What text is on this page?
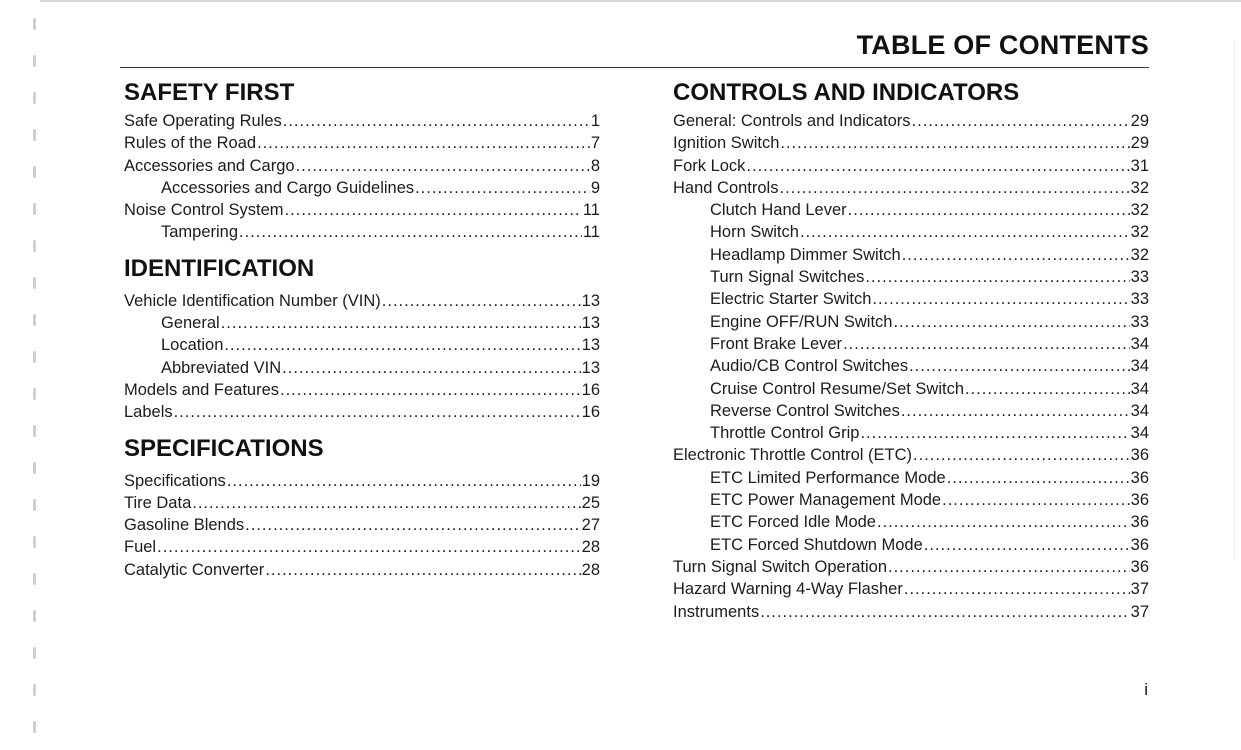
TABLE OF CONTENTS
SAFETY FIRST
Safe Operating Rules .....	1
Rules of the Road .....	7
Accessories and Cargo .....	8
Accessories and Cargo Guidelines .....	9
Noise Control System .....	11
Tampering .....	11
IDENTIFICATION
Vehicle Identification Number (VIN) .....	13
General .....	13
Location .....	13
Abbreviated VIN .....	13
Models and Features .....	16
Labels .....	16
SPECIFICATIONS
Specifications .....	19
Tire Data .....	25
Gasoline Blends .....	27
Fuel .....	28
Catalytic Converter .....	28
CONTROLS AND INDICATORS
General: Controls and Indicators .....	29
Ignition Switch .....	29
Fork Lock .....	31
Hand Controls .....	32
Clutch Hand Lever .....	32
Horn Switch .....	32
Headlamp Dimmer Switch .....	32
Turn Signal Switches .....	33
Electric Starter Switch .....	33
Engine OFF/RUN Switch .....	33
Front Brake Lever .....	34
Audio/CB Control Switches .....	34
Cruise Control Resume/Set Switch .....	34
Reverse Control Switches .....	34
Throttle Control Grip .....	34
Electronic Throttle Control (ETC) .....	36
ETC Limited Performance Mode .....	36
ETC Power Management Mode .....	36
ETC Forced Idle Mode .....	36
ETC Forced Shutdown Mode .....	36
Turn Signal Switch Operation .....	36
Hazard Warning 4-Way Flasher .....	37
Instruments .....	37
i
